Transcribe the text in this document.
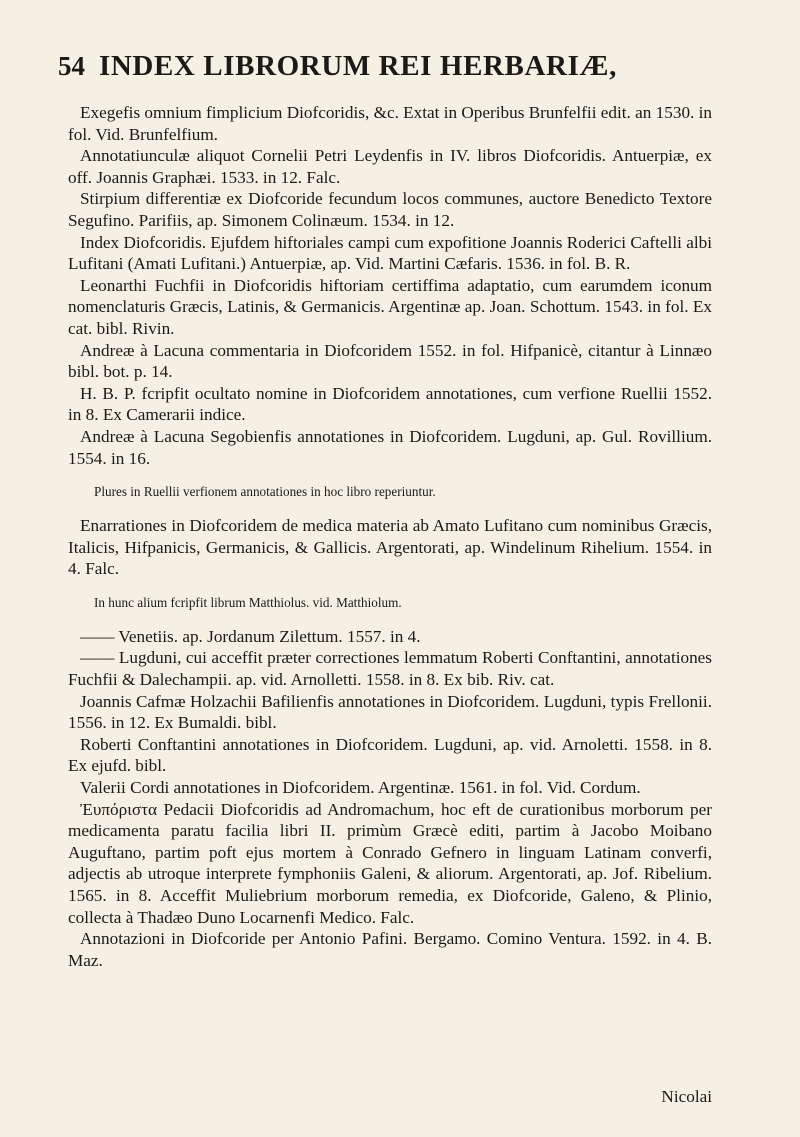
54 INDEX LIBRORUM REI HERBARIÆ,

Exegefis omnium fimplicium Diofcoridis, &c. Extat in Operibus Brunfelfii edit. an 1530. in fol. Vid. Brunfelfium.

Annotatiunculæ aliquot Cornelii Petri Leydenfis in IV. libros Diofcoridis. Antuerpiæ, ex off. Joannis Graphæi. 1533. in 12. Falc.

Stirpium differentiæ ex Diofcoride fecundum locos communes, auctore Benedicto Textore Segufino. Parifiis, ap. Simonem Colinæum. 1534. in 12.

Index Diofcoridis. Ejufdem hiftoriales campi cum expofitione Joannis Roderici Caftelli albi Lufitani (Amati Lufitani.) Antuerpiæ, ap. Vid. Martini Cæfaris. 1536. in fol. B. R.

Leonarthi Fuchfii in Diofcoridis hiftoriam certiffima adaptatio, cum earumdem iconum nomenclaturis Græcis, Latinis, & Germanicis. Argentinæ ap. Joan. Schottum. 1543. in fol. Ex cat. bibl. Rivin.

Andreæ à Lacuna commentaria in Diofcoridem 1552. in fol. Hifpanicè, citantur à Linnæo bibl. bot. p. 14.

H. B. P. fcripfit ocultato nomine in Diofcoridem annotationes, cum verfione Ruellii 1552. in 8. Ex Camerarii indice.

Andreæ à Lacuna Segobienfis annotationes in Diofcoridem. Lugduni, ap. Gul. Rovillium. 1554. in 16.

Plures in Ruellii verfionem annotationes in hoc libro reperiuntur.

Enarrationes in Diofcoridem de medica materia ab Amato Lufitano cum nominibus Græcis, Italicis, Hifpanicis, Germanicis, & Gallicis. Argentorati, ap. Windelinum Rihelium. 1554. in 4. Falc.

In hunc alium fcripfit librum Matthiolus. vid. Matthiolum.

—— Venetiis. ap. Jordanum Zilettum. 1557. in 4.

—— Lugduni, cui acceffit præter correctiones lemmatum Roberti Conftantini, annotationes Fuchfii & Dalechampii. ap. vid. Arnolletti. 1558. in 8. Ex bib. Riv. cat.

Joannis Cafmæ Holzachii Bafilienfis annotationes in Diofcoridem. Lugduni, typis Frellonii. 1556. in 12. Ex Bumaldi. bibl.

Roberti Conftantini annotationes in Diofcoridem. Lugduni, ap. vid. Arnoletti. 1558. in 8. Ex ejufd. bibl.

Valerii Cordi annotationes in Diofcoridem. Argentinæ. 1561. in fol. Vid. Cordum.

Ἐυπόριστα Pedacii Diofcoridis ad Andromachum, hoc eft de curationibus morborum per medicamenta paratu facilia libri II. primùm Græcè editi, partim à Jacobo Moibano Auguftano, partim poft ejus mortem à Conrado Gefnero in linguam Latinam converfi, adjectis ab utroque interprete fymphoniis Galeni, & aliorum. Argentorati, ap. Jof. Ribelium. 1565. in 8. Acceffit Muliebrium morborum remedia, ex Diofcoride, Galeno, & Plinio, collecta à Thadæo Duno Locarnenfi Medico. Falc.

Annotazioni in Diofcoride per Antonio Pafini. Bergamo. Comino Ventura. 1592. in 4. B. Maz.

Nicolai
